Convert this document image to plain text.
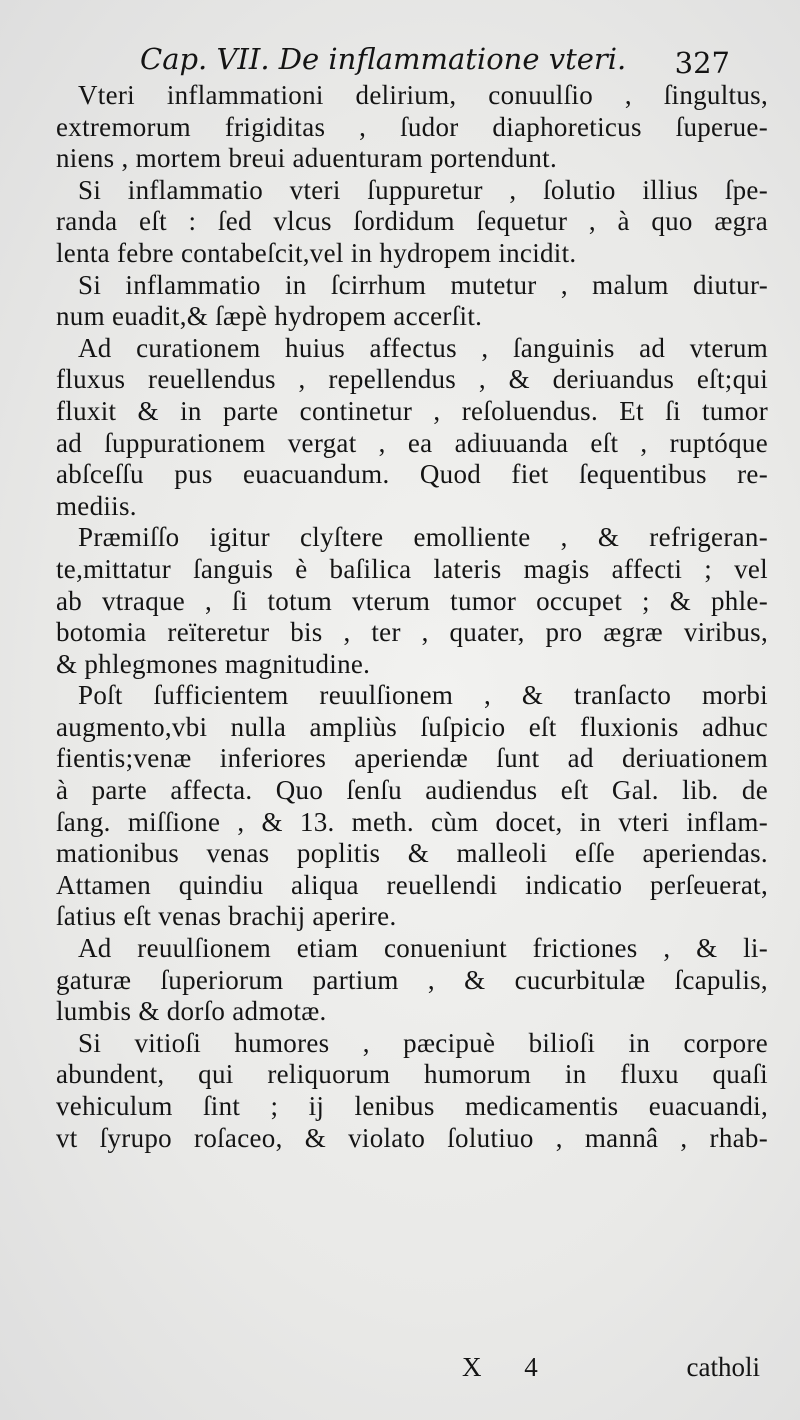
Cap. VII. De inflammatione vteri. 327
Vteri inflammationi delirium, conuulſio , ſingultus,
extremorum frigiditas , ſudor diaphoreticus ſuperue-
niens , mortem breui aduenturam portendunt.
Si inflammatio vteri ſuppuretur , ſolutio illius ſpe-
randa eſt : ſed vlcus ſordidum ſequetur , à quo ægra
lenta febre contabeſcit,vel in hydropem incidit.
Si inflammatio in ſcirrhum mutetur , malum diutur-
num euadit,& ſæpè hydropem accerſit.
Ad curationem huius affectus , ſanguinis ad vterum
fluxus reuellendus , repellendus , & deriuandus eſt;qui
fluxit & in parte continetur , reſoluendus. Et ſi tumor
ad ſuppurationem vergat , ea adiuuanda eſt , ruptóque
abſceſſu pus euacuandum. Quod fiet ſequentibus re-
mediis.
Præmiſſo igitur clyſtere emolliente , & refrigeran-
te,mittatur ſanguis è baſilica lateris magis affecti ; vel
ab vtraque , ſi totum vterum tumor occupet ; & phle-
botomia reïteretur bis , ter , quater, pro ægræ viribus,
& phlegmones magnitudine.
Poſt ſufficientem reuulſionem , & tranſacto morbi
augmento,vbi nulla ampliùs ſuſpicio eſt fluxionis adhuc
fientis;venæ inferiores aperiendæ ſunt ad deriuationem
à parte affecta. Quo ſenſu audiendus eſt Gal. lib. de
ſang. miſſione , & 13. meth. cùm docet, in vteri inflam-
mationibus venas poplitis & malleoli eſſe aperiendas.
Attamen quindiu aliqua reuellendi indicatio perſeuerat,
ſatius eſt venas brachij aperire.
Ad reuulſionem etiam conueniunt frictiones , & li-
gaturæ ſuperiorum partium , & cucurbitulæ ſcapulis,
lumbis & dorſo admotæ.
Si vitioſi humores , pæcipuè bilioſi in corpore
abundent, qui reliquorum humorum in fluxu quaſi
vehiculum ſint ; ij lenibus medicamentis euacuandi,
vt ſyrupo roſaceo, & violato ſolutiuo , mannâ , rhab-
X 4	catholi
